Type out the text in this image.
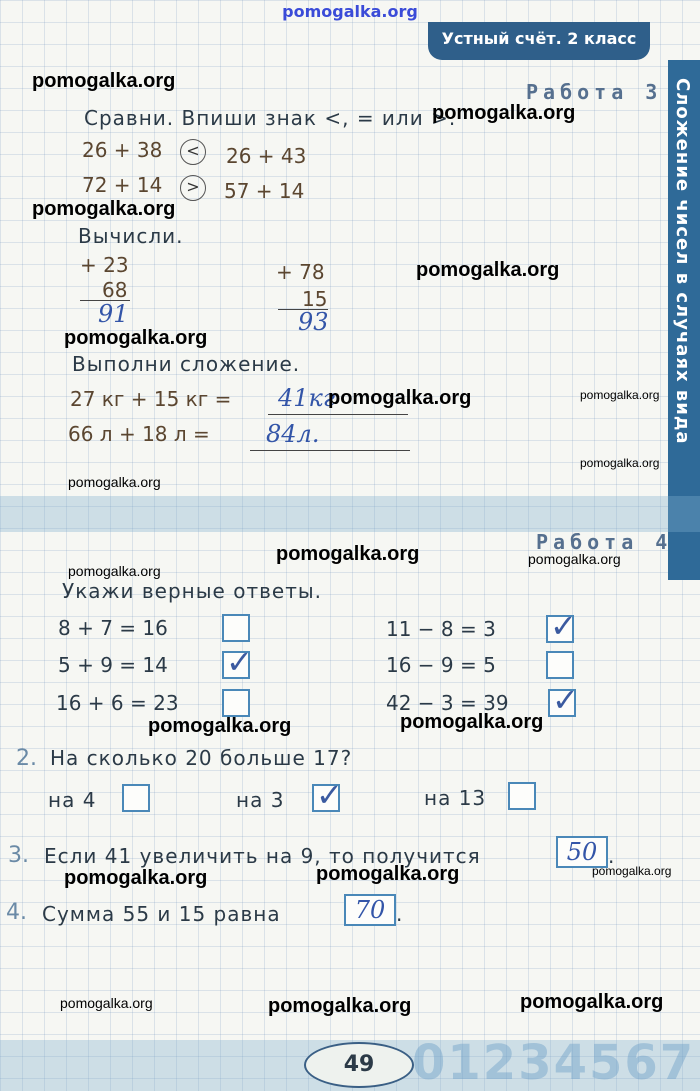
pomogalka.org
Устный счёт. 2 класс
Сложение чисел в случаях вида
Работа 3
Сравни. Впиши знак <, = или >.
26 + 38	<	26 + 43
72 + 14	>	57 + 14
Вычисли.
+ 23
68
91
+ 78
15
93
Выполни сложение.
27 кг + 15 кг = 41кг
66 л + 18 л = 84л.
Работа 4
Укажи верные ответы.
8 + 7 = 16
5 + 9 = 14 ✓
16 + 6 = 23
11 − 8 = 3 ✓
16 − 9 = 5
42 − 3 = 39 ✓
2. На сколько 20 больше 17?
на 4	на 3 ✓	на 13
3. Если 41 увеличить на 9, то получится	50 .
4. Сумма 55 и 15 равна	70 .
49 01234567
pomogalka.org
pomogalka.org
pomogalka.org
pomogalka.org
pomogalka.org
pomogalka.org
pomogalka.org
pomogalka.org	pomogalka.org
pomogalka.org	pomogalka.org
pomogalka.org	pomogalka.org
pomogalka.org
pomogalka.org
pomogalka.org
pomogalka.org
pomogalka.org
pomogalka.org
pomogalka.org
